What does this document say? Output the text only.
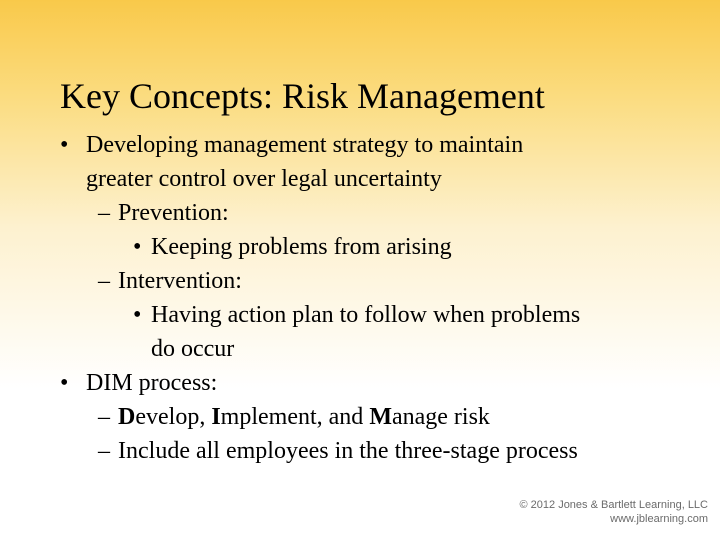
Key Concepts: Risk Management
• Developing management strategy to maintain
greater control over legal uncertainty
– Prevention:
• Keeping problems from arising
– Intervention:
• Having action plan to follow when problems
do occur
• DIM process:
– Develop, Implement, and Manage risk
– Include all employees in the three-stage process
© 2012 Jones & Bartlett Learning, LLC
www.jblearning.com
